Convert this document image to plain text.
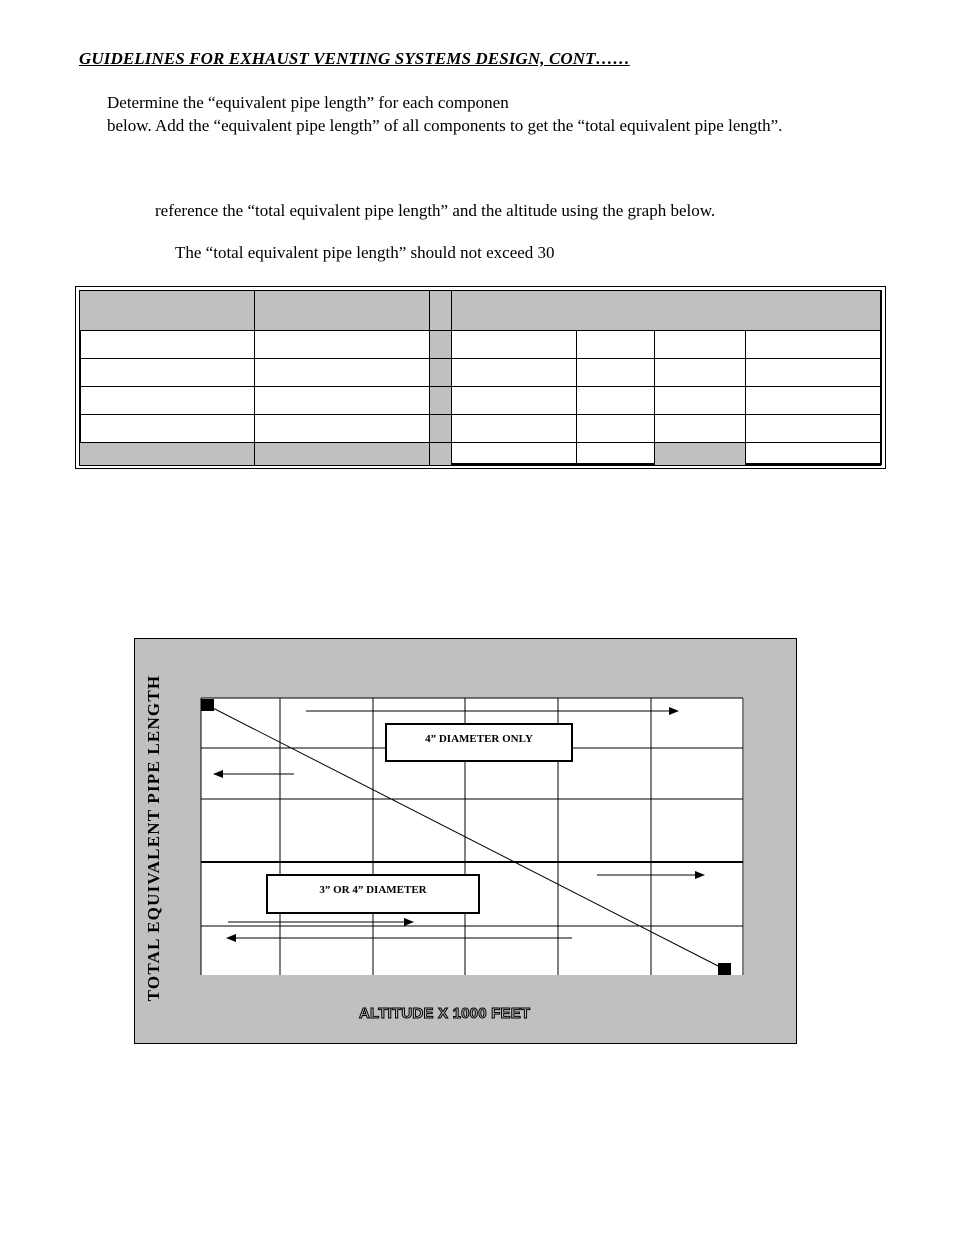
GUIDELINES FOR EXHAUST VENTING SYSTEMS DESIGN, CONT……
Determine the “equivalent pipe length” for each componen
below. Add the “equivalent pipe length” of all components to get the “total equivalent pipe length”.
reference the “total equivalent pipe length” and the altitude using the graph below.
The “total equivalent pipe length” should not exceed 30

4” DIAMETER ONLY
3” OR 4” DIAMETER
TOTAL EQUIVALENT PIPE LENGTH
ALTITUDE X 1000 FEET
